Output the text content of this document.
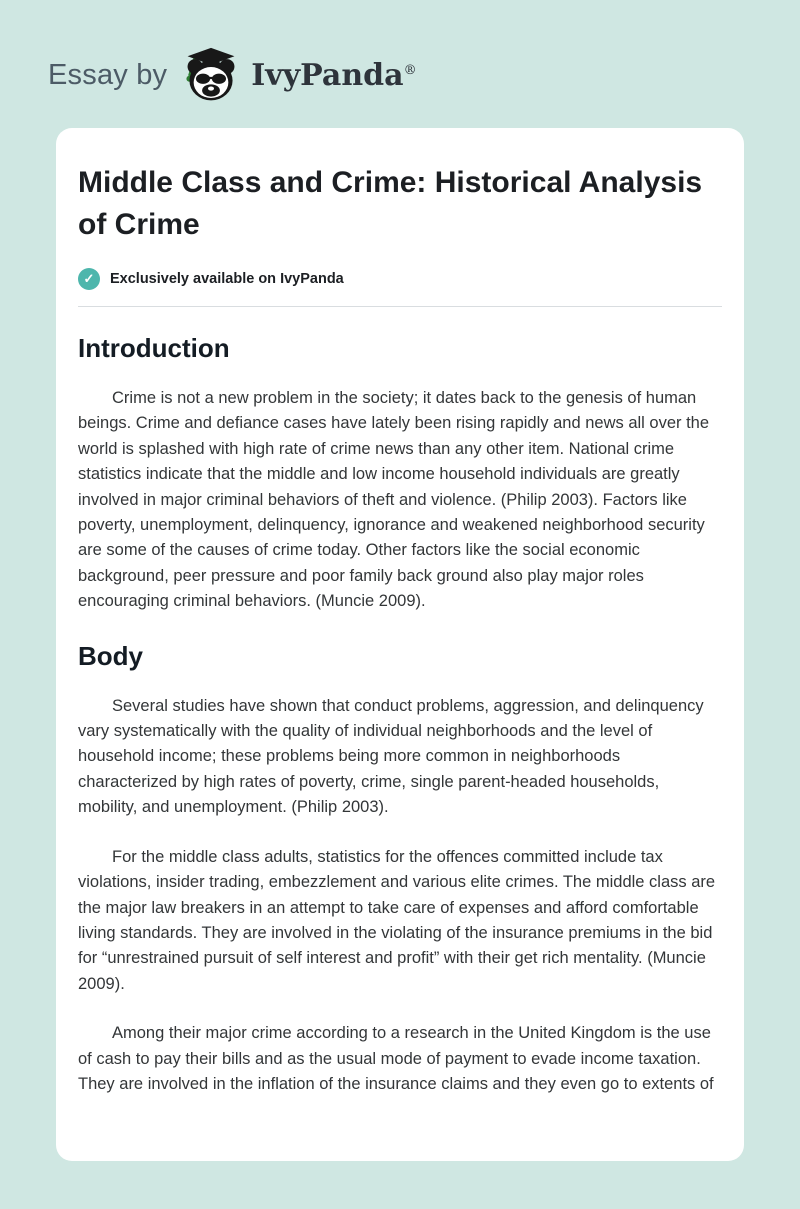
Essay by	IvyPanda®
Middle Class and Crime: Historical Analysis of Crime
✓	Exclusively available on IvyPanda
Introduction

Crime is not a new problem in the society; it dates back to the genesis of human beings. Crime and defiance cases have lately been rising rapidly and news all over the world is splashed with high rate of crime news than any other item. National crime statistics indicate that the middle and low income household individuals are greatly involved in major criminal behaviors of theft and violence. (Philip 2003). Factors like poverty, unemployment, delinquency, ignorance and weakened neighborhood security are some of the causes of crime today. Other factors like the social economic background, peer pressure and poor family back ground also play major roles encouraging criminal behaviors. (Muncie 2009).

Body

Several studies have shown that conduct problems, aggression, and delinquency vary systematically with the quality of individual neighborhoods and the level of household income; these problems being more common in neighborhoods characterized by high rates of poverty, crime, single parent-headed households, mobility, and unemployment. (Philip 2003).

For the middle class adults, statistics for the offences committed include tax violations, insider trading, embezzlement and various elite crimes. The middle class are the major law breakers in an attempt to take care of expenses and afford comfortable living standards. They are involved in the violating of the insurance premiums in the bid for “unrestrained pursuit of self interest and profit” with their get rich mentality. (Muncie 2009).

Among their major crime according to a research in the United Kingdom is the use of cash to pay their bills and as the usual mode of payment to evade income taxation. They are involved in the inflation of the insurance claims and they even go to extents of
